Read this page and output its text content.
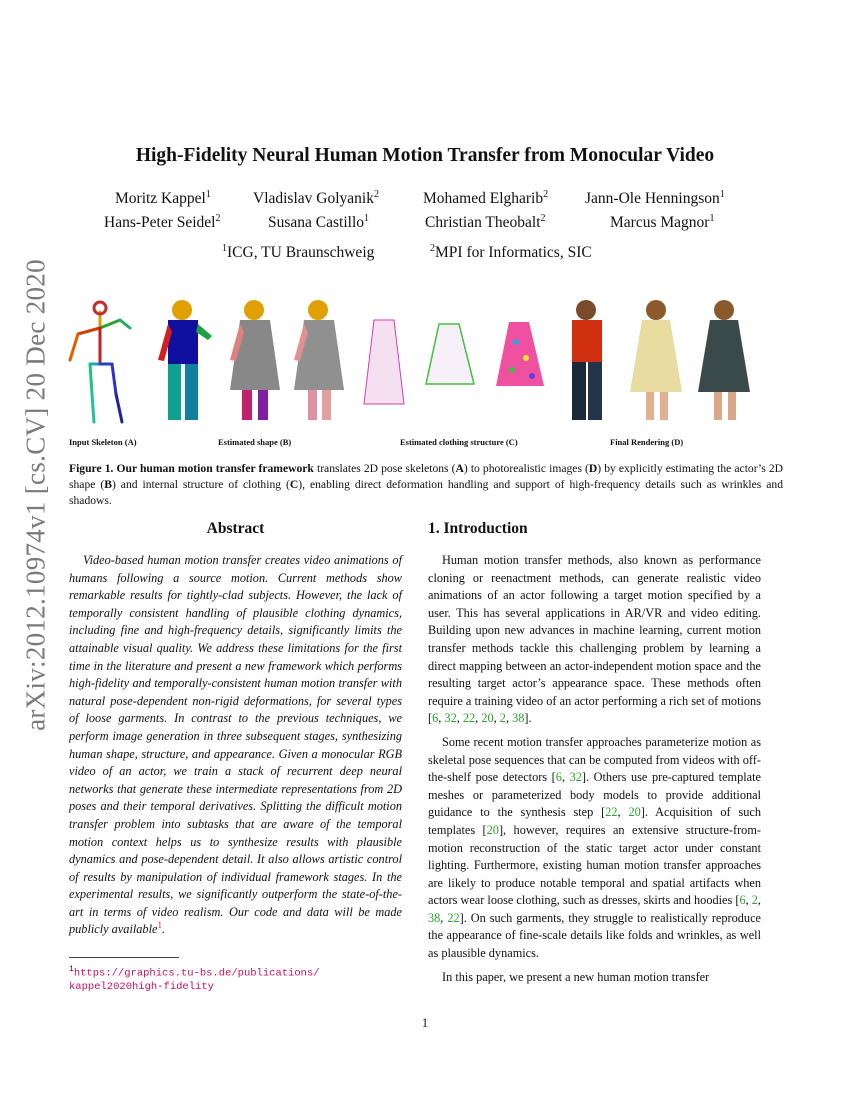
arXiv:2012.10974v1 [cs.CV] 20 Dec 2020
High-Fidelity Neural Human Motion Transfer from Monocular Video
Moritz Kappel$^1$	Vladislav Golyanik$^2$	Mohamed Elgharib$^2$ Jann-Ole Henningson$^1$
Hans-Peter Seidel$^2$	Susana Castillo$^1$	Christian Theobalt$^2$	Marcus Magnor$^1$
$^1$ICG, TU Braunschweig	$^2$MPI for Informatics, SIC
Input Skeleton (A)	Estimated shape (B)	Estimated clothing structure (C)	Final Rendering (D)
Figure 1. Our human motion transfer framework translates 2D pose skeletons (A) to photorealistic images (D) by explicitly estimating the actor’s 2D shape (B) and internal structure of clothing (C), enabling direct deformation handling and support of high-frequency details such as wrinkles and shadows.
Abstract

Video-based human motion transfer creates video animations of humans following a source motion. Current methods show remarkable results for tightly-clad subjects. However, the lack of temporally consistent handling of plausible clothing dynamics, including fine and high-frequency details, significantly limits the attainable visual quality. We address these limitations for the first time in the literature and present a new framework which performs high-fidelity and temporally-consistent human motion transfer with natural pose-dependent non-rigid deformations, for several types of loose garments. In contrast to the previous techniques, we perform image generation in three subsequent stages, synthesizing human shape, structure, and appearance. Given a monocular RGB video of an actor, we train a stack of recurrent deep neural networks that generate these intermediate representations from 2D poses and their temporal derivatives. Splitting the difficult motion transfer problem into subtasks that are aware of the temporal motion context helps us to synthesize results with plausible dynamics and pose-dependent detail. It also allows artistic control of results by manipulation of individual framework stages. In the experimental results, we significantly outperform the state-of-the-art in terms of video realism. Our code and data will be made publicly available$^1$.

$^1$https://graphics.tu-bs.de/publications/
kappel2020high-fidelity
1. Introduction

Human motion transfer methods, also known as performance cloning or reenactment methods, can generate realistic video animations of an actor following a target motion specified by a user. This has several applications in AR/VR and video editing. Building upon new advances in machine learning, current motion transfer methods tackle this challenging problem by learning a direct mapping between an actor-independent motion space and the resulting target actor’s appearance space. These methods often require a training video of an actor performing a rich set of motions [6, 32, 22, 20, 2, 38].

Some recent motion transfer approaches parameterize motion as skeletal pose sequences that can be computed from videos with off-the-shelf pose detectors [6, 32]. Others use pre-captured template meshes or parameterized body models to provide additional guidance to the synthesis step [22, 20]. Acquisition of such templates [20], however, requires an extensive structure-from-motion reconstruction of the static target actor under constant lighting. Furthermore, existing human motion transfer approaches are likely to produce notable temporal and spatial artifacts when actors wear loose clothing, such as dresses, skirts and hoodies [6, 2, 38, 22]. On such garments, they struggle to realistically reproduce the appearance of fine-scale details like folds and wrinkles, as well as plausible dynamics.

In this paper, we present a new human motion transfer

1
